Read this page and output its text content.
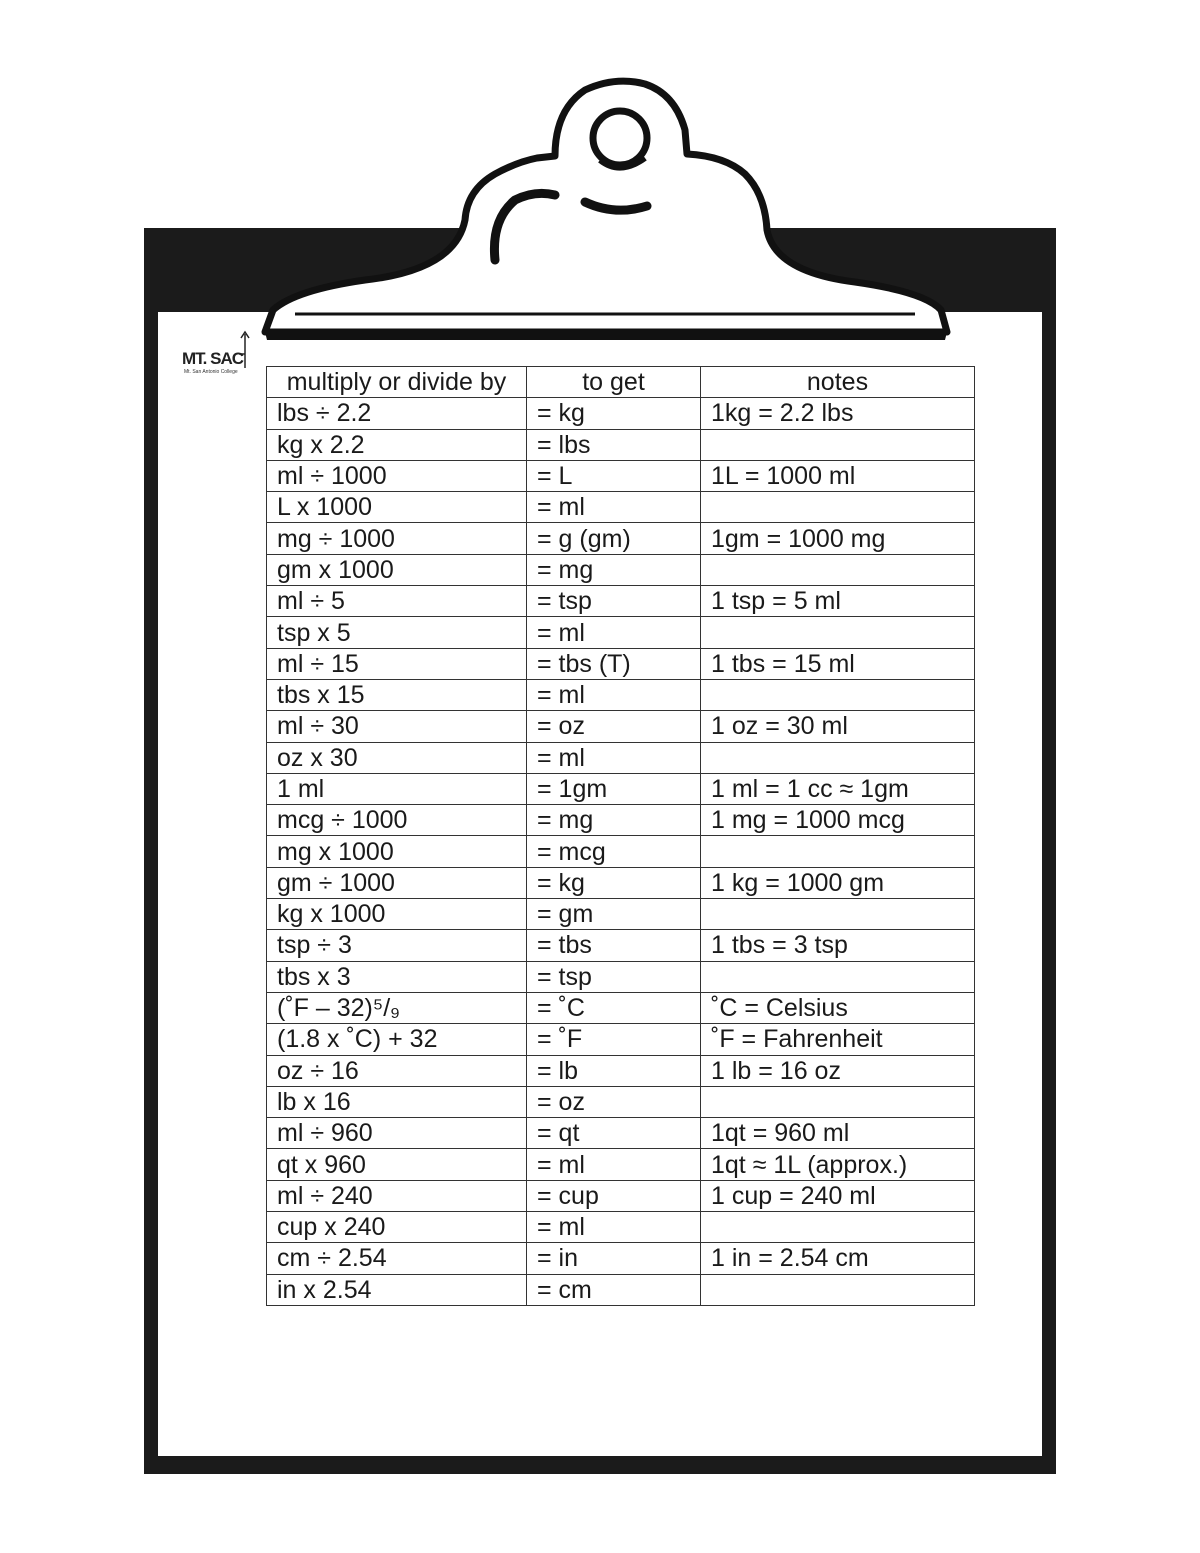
MT. SAC
Mt. San Antonio College multiply or divide by	to get	notes
lbs ÷ 2.2	= kg	1kg = 2.2 lbs
kg x 2.2	= lbs	
ml ÷ 1000	= L	1L = 1000 ml
L x 1000	= ml	
mg ÷ 1000	= g (gm)	1gm = 1000 mg
gm x 1000	= mg	
ml ÷ 5	= tsp	1 tsp = 5 ml
tsp x 5	= ml	
ml ÷ 15	= tbs (T)	1 tbs = 15 ml
tbs x 15	= ml	
ml ÷ 30	= oz	1 oz = 30 ml
oz x 30	= ml	
1 ml	= 1gm	1 ml = 1 cc ≈ 1gm
mcg ÷ 1000	= mg	1 mg = 1000 mcg
mg x 1000	= mcg	
gm ÷ 1000	= kg	1 kg = 1000 gm
kg x 1000	= gm	
tsp ÷ 3	= tbs	1 tbs = 3 tsp
tbs x 3	= tsp	
(˚F – 32)⁵/₉	= ˚C	˚C = Celsius
(1.8 x ˚C) + 32	= ˚F	˚F = Fahrenheit
oz ÷ 16	= lb	1 lb = 16 oz
lb x 16	= oz	
ml ÷ 960	= qt	1qt = 960 ml
qt x 960	= ml	1qt ≈ 1L (approx.)
ml ÷ 240	= cup	1 cup = 240 ml
cup x 240	= ml	
cm ÷ 2.54	= in	1 in = 2.54 cm
in x 2.54	= cm	
